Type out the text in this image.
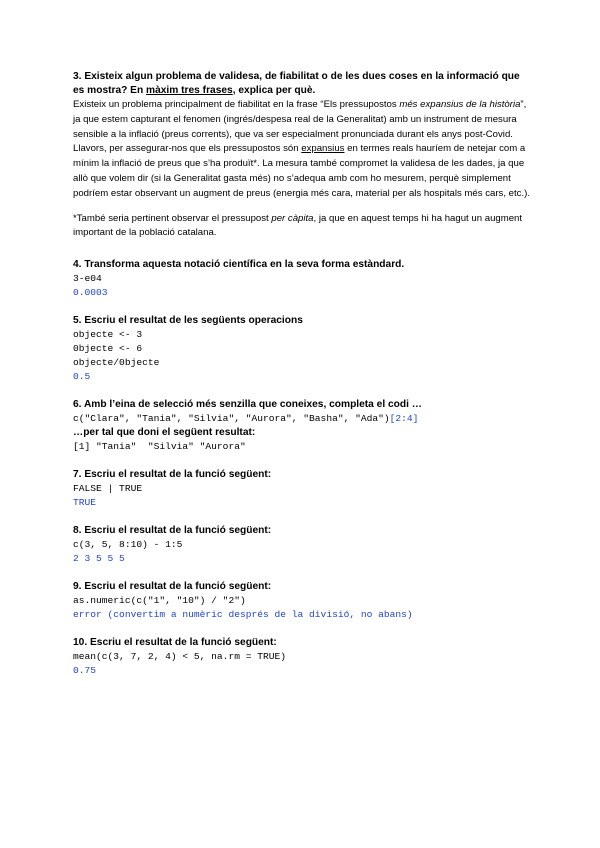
3. Existeix algun problema de validesa, de fiabilitat o de les dues coses en la informació que es mostra? En màxim tres frases, explica per què.
Existeix un problema principalment de fiabilitat en la frase “Els pressupostos més expansius de la història”, ja que estem capturant el fenomen (ingrés/despesa real de la Generalitat) amb un instrument de mesura sensible a la inflació (preus corrents), que va ser especialment pronunciada durant els anys post-Covid. Llavors, per assegurar-nos que els pressupostos són expansius en termes reals hauríem de netejar com a mínim la inflació de preus que s’ha produït*. La mesura també compromet la validesa de les dades, ja que allò que volem dir (si la Generalitat gasta més) no s’adequa amb com ho mesurem, perquè simplement podríem estar observant un augment de preus (energia més cara, material per als hospitals més cars, etc.).
*També seria pertinent observar el pressupost per càpita, ja que en aquest temps hi ha hagut un augment important de la població catalana.
4. Transforma aquesta notació científica en la seva forma estàndard.
3-e04
0.0003
5. Escriu el resultat de les següents operacions
objecte <- 3
0bjecte <- 6
objecte/0bjecte
0.5
6. Amb l’eina de selecció més senzilla que coneixes, completa el codi …
c("Clara", "Tania", "Silvia", "Aurora", "Basha", "Ada")[2:4]
…per tal que doni el següent resultat:
[1] "Tania"  "Silvia" "Aurora"
7. Escriu el resultat de la funció següent:
FALSE | TRUE
TRUE
8. Escriu el resultat de la funció següent:
c(3, 5, 8:10) - 1:5
2 3 5 5 5
9. Escriu el resultat de la funció següent:
as.numeric(c("1", "10") / "2")
error (convertim a numèric després de la divisió, no abans)
10. Escriu el resultat de la funció següent:
mean(c(3, 7, 2, 4) < 5, na.rm = TRUE)
0.75
